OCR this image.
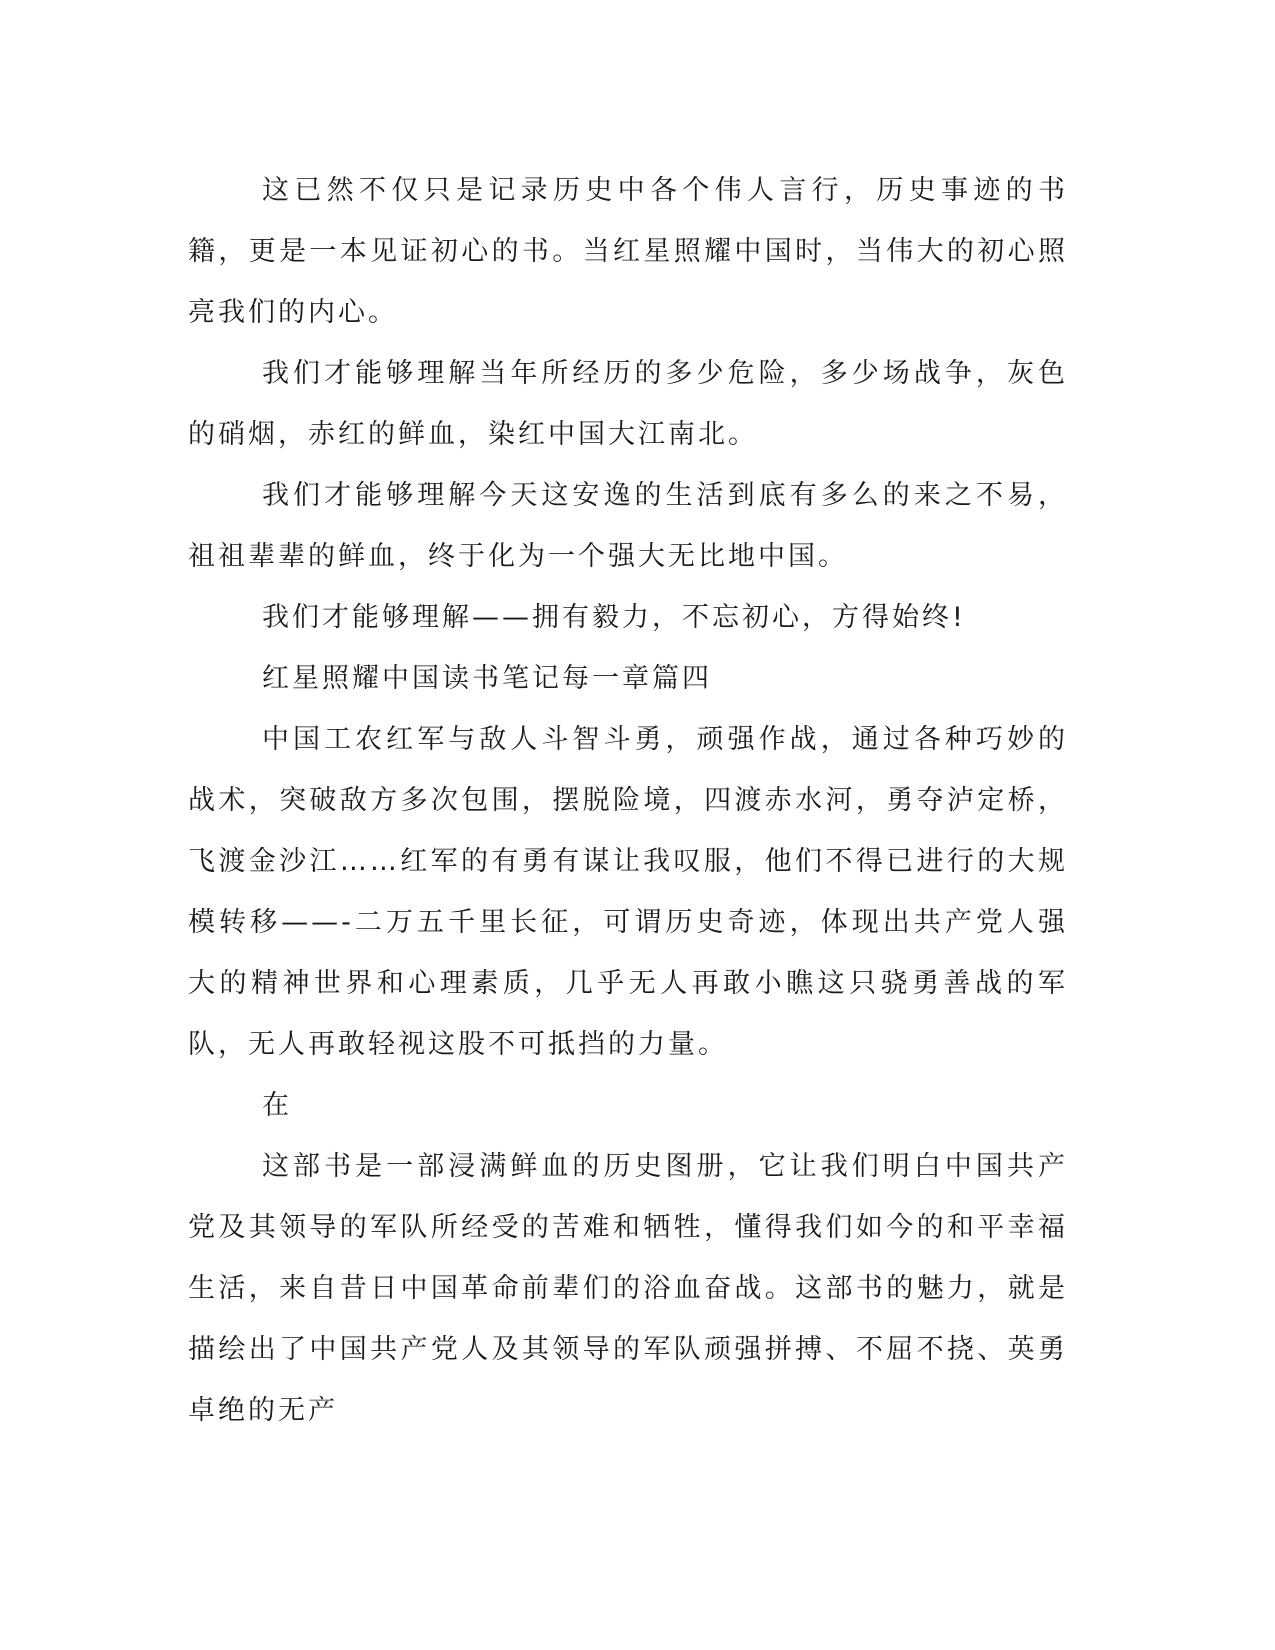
这已然不仅只是记录历史中各个伟人言行，历史事迹的书籍，更是一本见证初心的书。当红星照耀中国时，当伟大的初心照亮我们的内心。

我们才能够理解当年所经历的多少危险，多少场战争，灰色的硝烟，赤红的鲜血，染红中国大江南北。

我们才能够理解今天这安逸的生活到底有多么的来之不易，祖祖辈辈的鲜血，终于化为一个强大无比地中国。

我们才能够理解——拥有毅力，不忘初心，方得始终!

红星照耀中国读书笔记每一章篇四

中国工农红军与敌人斗智斗勇，顽强作战，通过各种巧妙的战术，突破敌方多次包围，摆脱险境，四渡赤水河，勇夺泸定桥，飞渡金沙江……红军的有勇有谋让我叹服，他们不得已进行的大规模转移——-二万五千里长征，可谓历史奇迹，体现出共产党人强大的精神世界和心理素质，几乎无人再敢小瞧这只骁勇善战的军队，无人再敢轻视这股不可抵挡的力量。

在

这部书是一部浸满鲜血的历史图册，它让我们明白中国共产党及其领导的军队所经受的苦难和牺牲，懂得我们如今的和平幸福生活，来自昔日中国革命前辈们的浴血奋战。这部书的魅力，就是描绘出了中国共产党人及其领导的军队顽强拼搏、不屈不挠、英勇卓绝的无产
